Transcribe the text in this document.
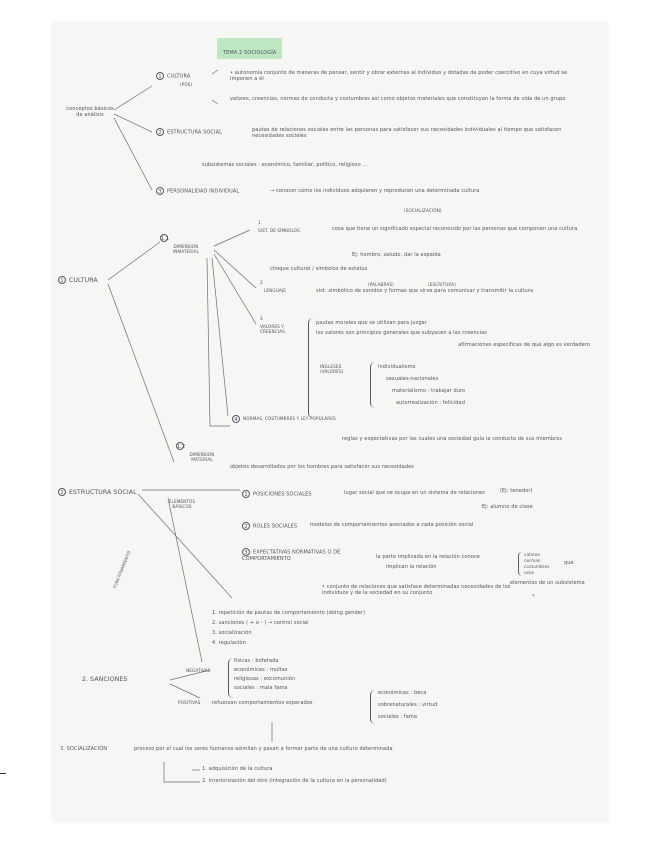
TEMA 2 SOCIOLOGÍA
conceptos básicos de análisis
1 CULTURA
(POS)
• autonomía conjunto de maneras de pensar, sentir y obrar externas al individuo y dotadas de poder coercitivo en cuya virtud se imponen a él
valores, creencias, normas de conducta y costumbres así como objetos materiales que constituyen la forma de vida de un grupo
2 ESTRUCTURA SOCIAL	pautas de relaciones sociales entre las personas para satisfacer sus necesidades individuales al tiempo que satisfacen necesidades sociales
subsistemas sociales : económico, familiar, político, religioso ...
3 PERSONALIDAD INDIVIDUAL	→ conocer cómo los individuos adquieren y reproducen una determinada cultura
(SOCIALIZACIÓN)
1 CULTURA
1.1
DIMENSIÓN INMATERIAL
1
SIST. DE SÍMBOLOS	cosa que tiene un significado especial reconocido por las personas que componen una cultura
Ej: hombro, saludo, dar la espalda
choque cultural / símbolos de estatus
2
LENGUAJE
(PALABRAS)	(ESCRITURA)
sist. simbólico de sonidos y formas que sirve para comunicar y transmitir la cultura
3
VALORES Y CREENCIAS
pautas morales que se utilizan para juzgar
los valores son principios generales que subyacen a las creencias
afirmaciones específicas de qué algo es verdadero
INGLESES (VALORES)
individualismo
sexuales-nacionales
materialismo : trabajar duro
autorrealización : felicidad
4 NORMAS, COSTUMBRES Y LEY POPULARES
reglas y expectativas por las cuales una sociedad guía la conducta de sus miembros
1.2
DIMENSIÓN MATERIAL
objetos desarrollados por los hombres para satisfacer sus necesidades
2 ESTRUCTURA SOCIAL
ELEMENTOS BÁSICOS
FUNCIONAMIENTO
1 POSICIONES SOCIALES	lugar social que se ocupa en un sistema de relaciones	(Ej: tenedor)
Ej: alumno de clase
2 ROLES SOCIALES	modelos de comportamientos asociados a cada posición social
3 EXPECTATIVAS NORMATIVAS O DE COMPORTAMIENTO	la parte implicada en la relación conoce
implican la relación
valores
normas
costumbres
usos
que
elementos de un subsistema
*
• conjunto de relaciones que satisface determinadas necesidades de los individuos y de la sociedad en su conjunto
1. repetición de pautas de comportamiento (doing gender)
2. sanciones ( + o - ) → control social
3. socialización
4. regulación
2. SANCIONES
NEGATIVAS
físicas : bofetada
económicas : multas
religiosas : excomunión
sociales : mala fama
POSITIVAS refuerzan comportamientos esperados
económicas : beca
sobrenaturales : virtud
sociales : fama
3. SOCIALIZACIÓN	proceso por el cual los seres humanos asimilan y pasan a formar parte de una cultura determinada
1. adquisición de la cultura
2. interiorización del otro (integración de la cultura en la personalidad)
